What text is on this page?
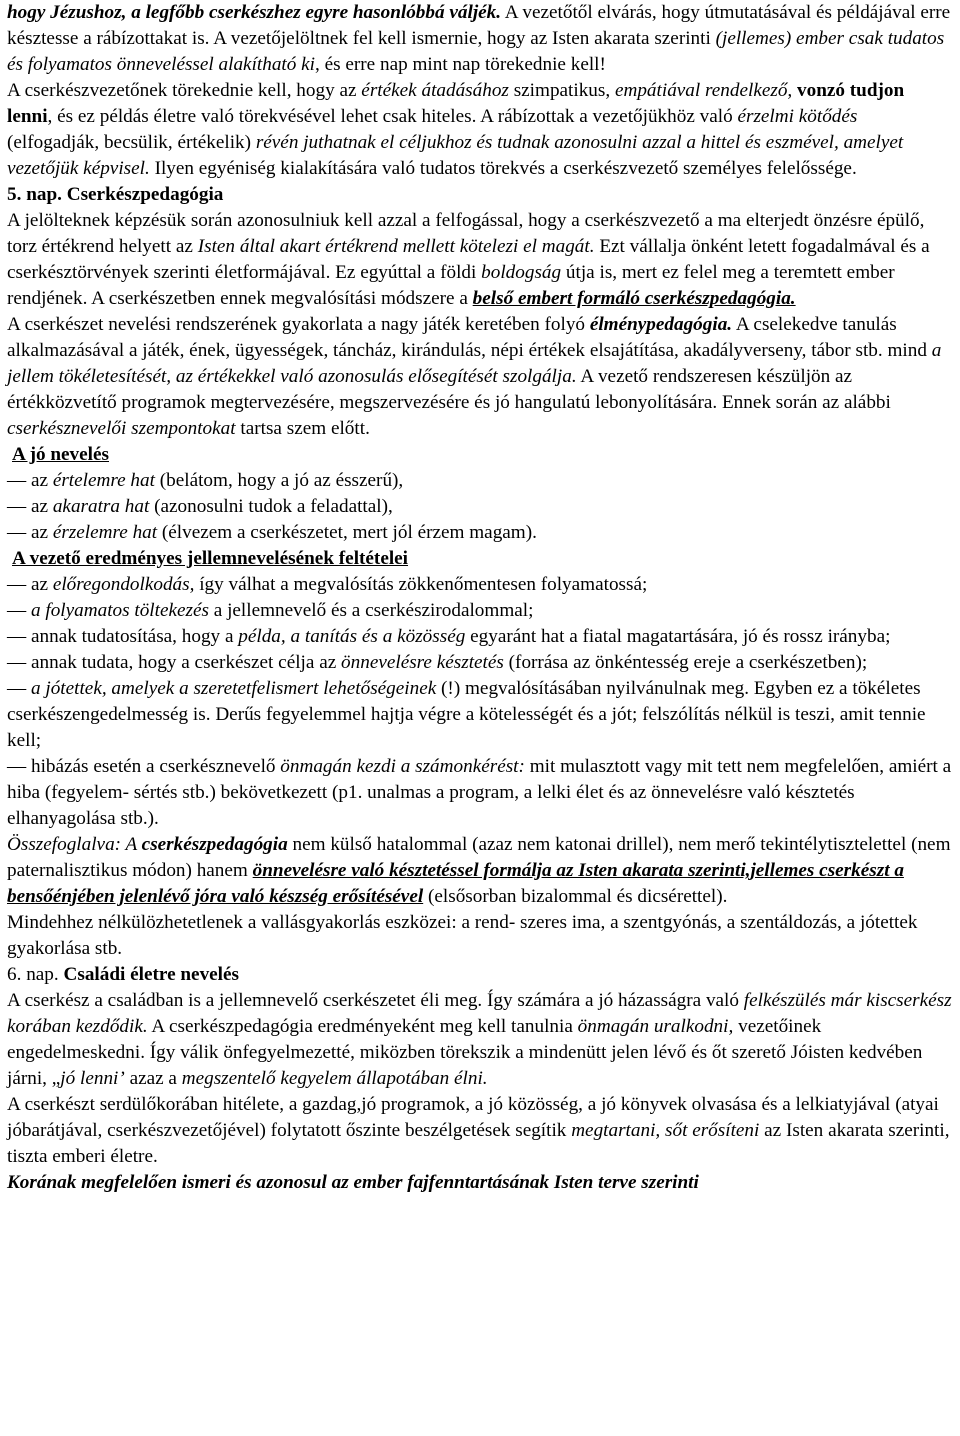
hogy Jézushoz, a legfőbb cserkészhez egyre hasonlóbbá váljék. A vezetőtől elvárás, hogy útmutatásával és példájával erre késztesse a rábízottakat is. A vezetőjelöltnek fel kell ismernie, hogy az Isten akarata szerinti (jellemes) ember csak tudatos és folyamatos önneveléssel alakítható ki, és erre nap mint nap törekednie kell!
A cserkészvezetőnek törekednie kell, hogy az értékek átadásához szimpatikus, empátiával rendelkező, vonzó tudjon lenni, és ez példás életre való törekvésével lehet csak hiteles. A rábízottak a vezetőjükhöz való érzelmi kötődés (elfogadják, becsülik, értékelik) révén juthatnak el céljukhoz és tudnak azonosulni azzal a hittel és eszmével, amelyet vezetőjük képvisel. Ilyen egyéniség kialakítására való tudatos törekvés a cserkészvezető személyes felelőssége.
5. nap. Cserkészpedagógia
A jelölteknek képzésük során azonosulniuk kell azzal a felfogással, hogy a cserkészvezető a ma elterjedt önzésre épülő, torz értékrend helyett az Isten által akart értékrend mellett kötelezi el magát. Ezt vállalja önként letett fogadalmával és a cserkésztörvények szerinti életformájával. Ez egyúttal a földi boldogság útja is, mert ez felel meg a teremtett ember rendjének. A cserkészetben ennek megvalósítási módszere a belső embert formáló cserkészpedagógia.
A cserkészet nevelési rendszerének gyakorlata a nagy játék keretében folyó élménypedagógia. A cselekedve tanulás alkalmazásával a játék, ének, ügyességek, táncház, kirándulás, népi értékek elsajátítása, akadályverseny, tábor stb. mind a jellem tökéletesítését, az értékekkel való azonosulás elősegítését szolgálja. A vezető rendszeresen készüljön az értékközvetítő programok megtervezésére, megszervezésére és jó hangulatú lebonyolítására. Ennek során az alábbi cserkésznevelői szempontokat tartsa szem előtt.
A jó nevelés
— az értelemre hat (belátom, hogy a jó az ésszerű),
— az akaratra hat (azonosulni tudok a feladattal),
— az érzelemre hat (élvezem a cserkészetet, mert jól érzem magam).
A vezető eredményes jellemnevelésének feltételei
— az előregondolkodás, így válhat a megvalósítás zökkenőmentesen folyamatossá;
— a folyamatos töltekezés a jellemnevelő és a cserkészirodalommal;
— annak tudatosítása, hogy a példa, a tanítás és a közösség egyaránt hat a fiatal magatartására, jó és rossz irányba;
— annak tudata, hogy a cserkészet célja az önnevelésre késztetés (forrása az önkéntesség ereje a cserkészetben);
— a jótettek, amelyek a szeretetfelismert lehetőségeinek (!) megvalósításában nyilvánulnak meg. Egyben ez a tökéletes cserkészengedelmesség is. Derűs fegyelemmel hajtja végre a kötelességét és a jót; felszólítás nélkül is teszi, amit tennie kell;
— hibázás esetén a cserkésznevelő önmagán kezdi a számonkérést: mit mulasztott vagy mit tett nem megfelelően, amiért a hiba (fegyelem- sértés stb.) bekövetkezett (p1. unalmas a program, a lelki élet és az önnevelésre való késztetés elhanyagolása stb.).
Összefoglalva: A cserkészpedagógia nem külső hatalommal (azaz nem katonai drillel), nem merő tekintélytisztelettel (nem paternalisztikus módon) hanem önnevelésre való késztetéssel formálja az Isten akarata szerinti,jellemes cserkészt a bensőénjében jelenlévő jóra való készség erősítésével (elsősorban bizalommal és dicsérettel).
Mindehhez nélkülözhetetlenek a vallásgyakorlás eszközei: a rend- szeres ima, a szentgyónás, a szentáldozás, a jótettek gyakorlása stb.
6. nap. Családi életre nevelés
A cserkész a családban is a jellemnevelő cserkészetet éli meg. Így számára a jó házasságra való felkészülés már kiscserkész korában kezdődik. A cserkészpedagógia eredményeként meg kell tanulnia önmagán uralkodni, vezetőinek engedelmeskedni. Így válik önfegyelmezetté, miközben törekszik a mindenütt jelen lévő és őt szerető Jóisten kedvében járni, „jó lenni’ azaz a megszentelő kegyelem állapotában élni.
A cserkészt serdülőkorában hitélete, a gazdag,jó programok, a jó közösség, a jó könyvek olvasása és a lelkiatyjával (atyai jóbarátjával, cserkészvezetőjével) folytatott őszinte beszélgetések segítik megtartani, sőt erősíteni az Isten akarata szerinti, tiszta emberi életre.
Korának megfelelően ismeri és azonosul az ember fajfenntartásának Isten terve szerinti
